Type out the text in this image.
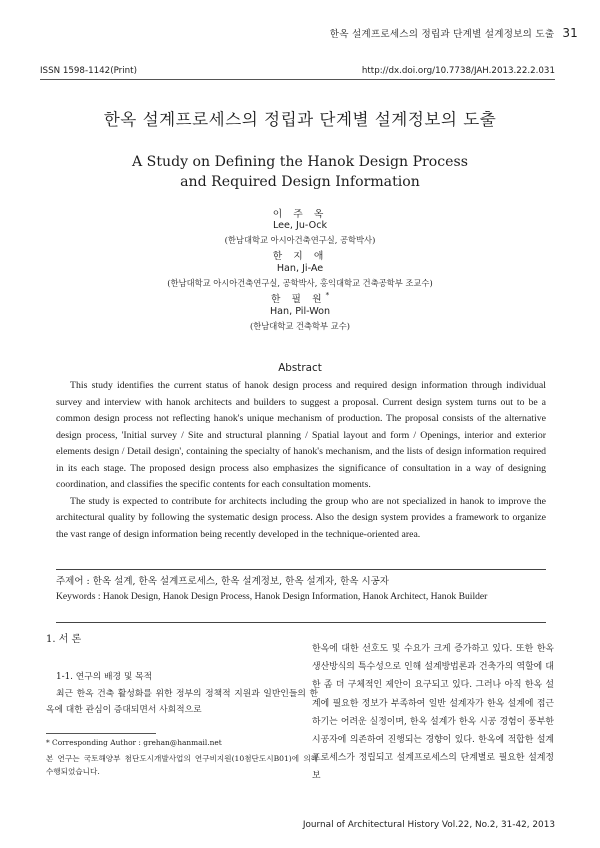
한옥 설계프로세스의 정립과 단계별 설계정보의 도출 31
ISSN 1598-1142(Print)	http://dx.doi.org/10.7738/JAH.2013.22.2.031
한옥 설계프로세스의 정립과 단계별 설계정보의 도출
A Study on Defining the Hanok Design Process
and Required Design Information
이 주 옥
Lee, Ju-Ock
(한남대학교 아시아건축연구실, 공학박사)
한 지 애
Han, Ji-Ae
(한남대학교 아시아건축연구실, 공학박사, 홍익대학교 건축공학부 조교수)
한 필 원*
Han, Pil-Won
(한남대학교 건축학부 교수)
Abstract

This study identifies the current status of hanok design process and required design information through individual survey and interview with hanok architects and builders to suggest a proposal. Current design system turns out to be a common design process not reflecting hanok's unique mechanism of production. The proposal consists of the alternative design process, 'Initial survey / Site and structural planning / Spatial layout and form / Openings, interior and exterior elements design / Detail design', containing the specialty of hanok's mechanism, and the lists of design information required in its each stage. The proposed design process also emphasizes the significance of consultation in a way of designing coordination, and classifies the specific contents for each consultation moments.

The study is expected to contribute for architects including the group who are not specialized in hanok to improve the architectural quality by following the systematic design process. Also the design system provides a framework to organize the vast range of design information being recently developed in the technique-oriented area.

주제어 : 한옥 설계, 한옥 설계프로세스, 한옥 설계정보, 한옥 설계자, 한옥 시공자
Keywords : Hanok Design, Hanok Design Process, Hanok Design Information, Hanok Architect, Hanok Builder
1. 서 론
1-1. 연구의 배경 및 목적

최근 한옥 건축 활성화를 위한 정부의 정책적 지원과 일반인들의 한옥에 대한 관심이 증대되면서 사회적으로

* Corresponding Author : grehan@hanmail.net
본 연구는 국토해양부 첨단도시개발사업의 연구비지원(10첨단도시B01)에 의해 수행되었습니다.

한옥에 대한 선호도 및 수요가 크게 증가하고 있다. 또한 한옥 생산방식의 특수성으로 인해 설계방법론과 건축가의 역할에 대한 좀 더 구체적인 제안이 요구되고 있다. 그러나 아직 한옥 설계에 필요한 정보가 부족하여 일반 설계자가 한옥 설계에 접근하기는 어려운 실정이며, 한옥 설계가 한옥 시공 경험이 풍부한 시공자에 의존하여 진행되는 경향이 있다. 한옥에 적합한 설계프로세스가 정립되고 설계프로세스의 단계별로 필요한 설계정보

Journal of Architectural History Vol.22, No.2, 31-42, 2013
